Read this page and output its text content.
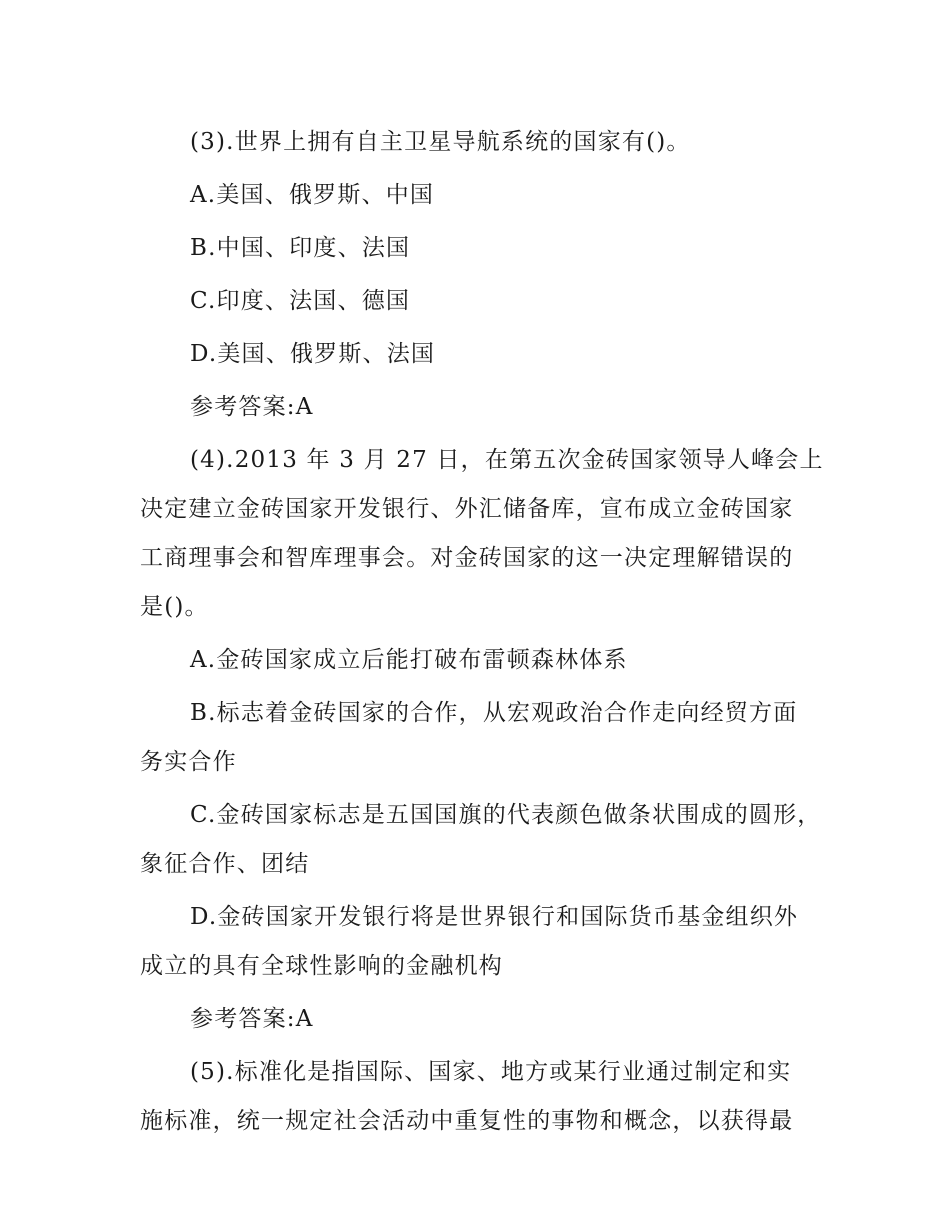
(3).世界上拥有自主卫星导航系统的国家有()。
A.美国、俄罗斯、中国
B.中国、印度、法国
C.印度、法国、德国
D.美国、俄罗斯、法国
参考答案:A
(4).2013 年 3 月 27 日，在第五次金砖国家领导人峰会上
决定建立金砖国家开发银行、外汇储备库，宣布成立金砖国家
工商理事会和智库理事会。对金砖国家的这一决定理解错误的
是()。
A.金砖国家成立后能打破布雷顿森林体系
B.标志着金砖国家的合作，从宏观政治合作走向经贸方面
务实合作
C.金砖国家标志是五国国旗的代表颜色做条状围成的圆形，
象征合作、团结
D.金砖国家开发银行将是世界银行和国际货币基金组织外
成立的具有全球性影响的金融机构
参考答案:A
(5).标准化是指国际、国家、地方或某行业通过制定和实
施标准，统一规定社会活动中重复性的事物和概念，以获得最
